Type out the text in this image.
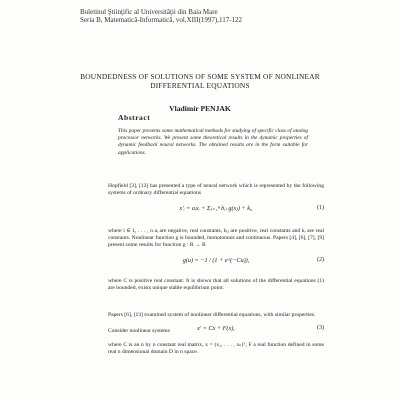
Buletinul Ştiinţific al Universităţii din Baia Mare
Seria B, Matematică-Informatică, vol.XIII(1997),117-122
BOUNDEDNESS OF SOLUTIONS OF SOME SYSTEM OF NONLINEAR
DIFFERENTIAL EQUATIONS
Vladimír PENJAK
Abstract

This paper presents some mathematical methods for studying of specific class of analog processor networks. We present some theoretical results in the dynamic properties of dynamic feedback neural networks. The obtained results are in the form suitable for applications.

Hopfield [3], [12] has presented a type of neural network which is represented by the following systems of ordinary differential equations

x′ᵢ = aᵢxᵢ + Σⱼ₌₁ⁿ bᵢⱼ g(xⱼ) + kᵢ,	(1)

where i ∈ 1, . . . , n aᵢ are negative, real constants, bᵢⱼ are positive, real constants and kᵢ are real constants. Nonlinear function g is bounded, monotonous and continuous. Papers [4], [6], [7], [9] present some results for function g : R → R

g(u) = −1 / (1 + e^(−Cu)),	(2)

where C is positive real constant. It is shown that all solutions of the differential equations (1) are bounded, exists unique stable equilibrium point.

Papers [6], [13] examined system of nonlinear differential equations, with similar properties.

Consider nonlinear systems	x′ = Cx + F(x),	(3)

where C is an n by n constant real matrix, x = (x₁, . . . , xₙ)ᵀ, F a real function defined in some real n dimensional domain D in n space.
